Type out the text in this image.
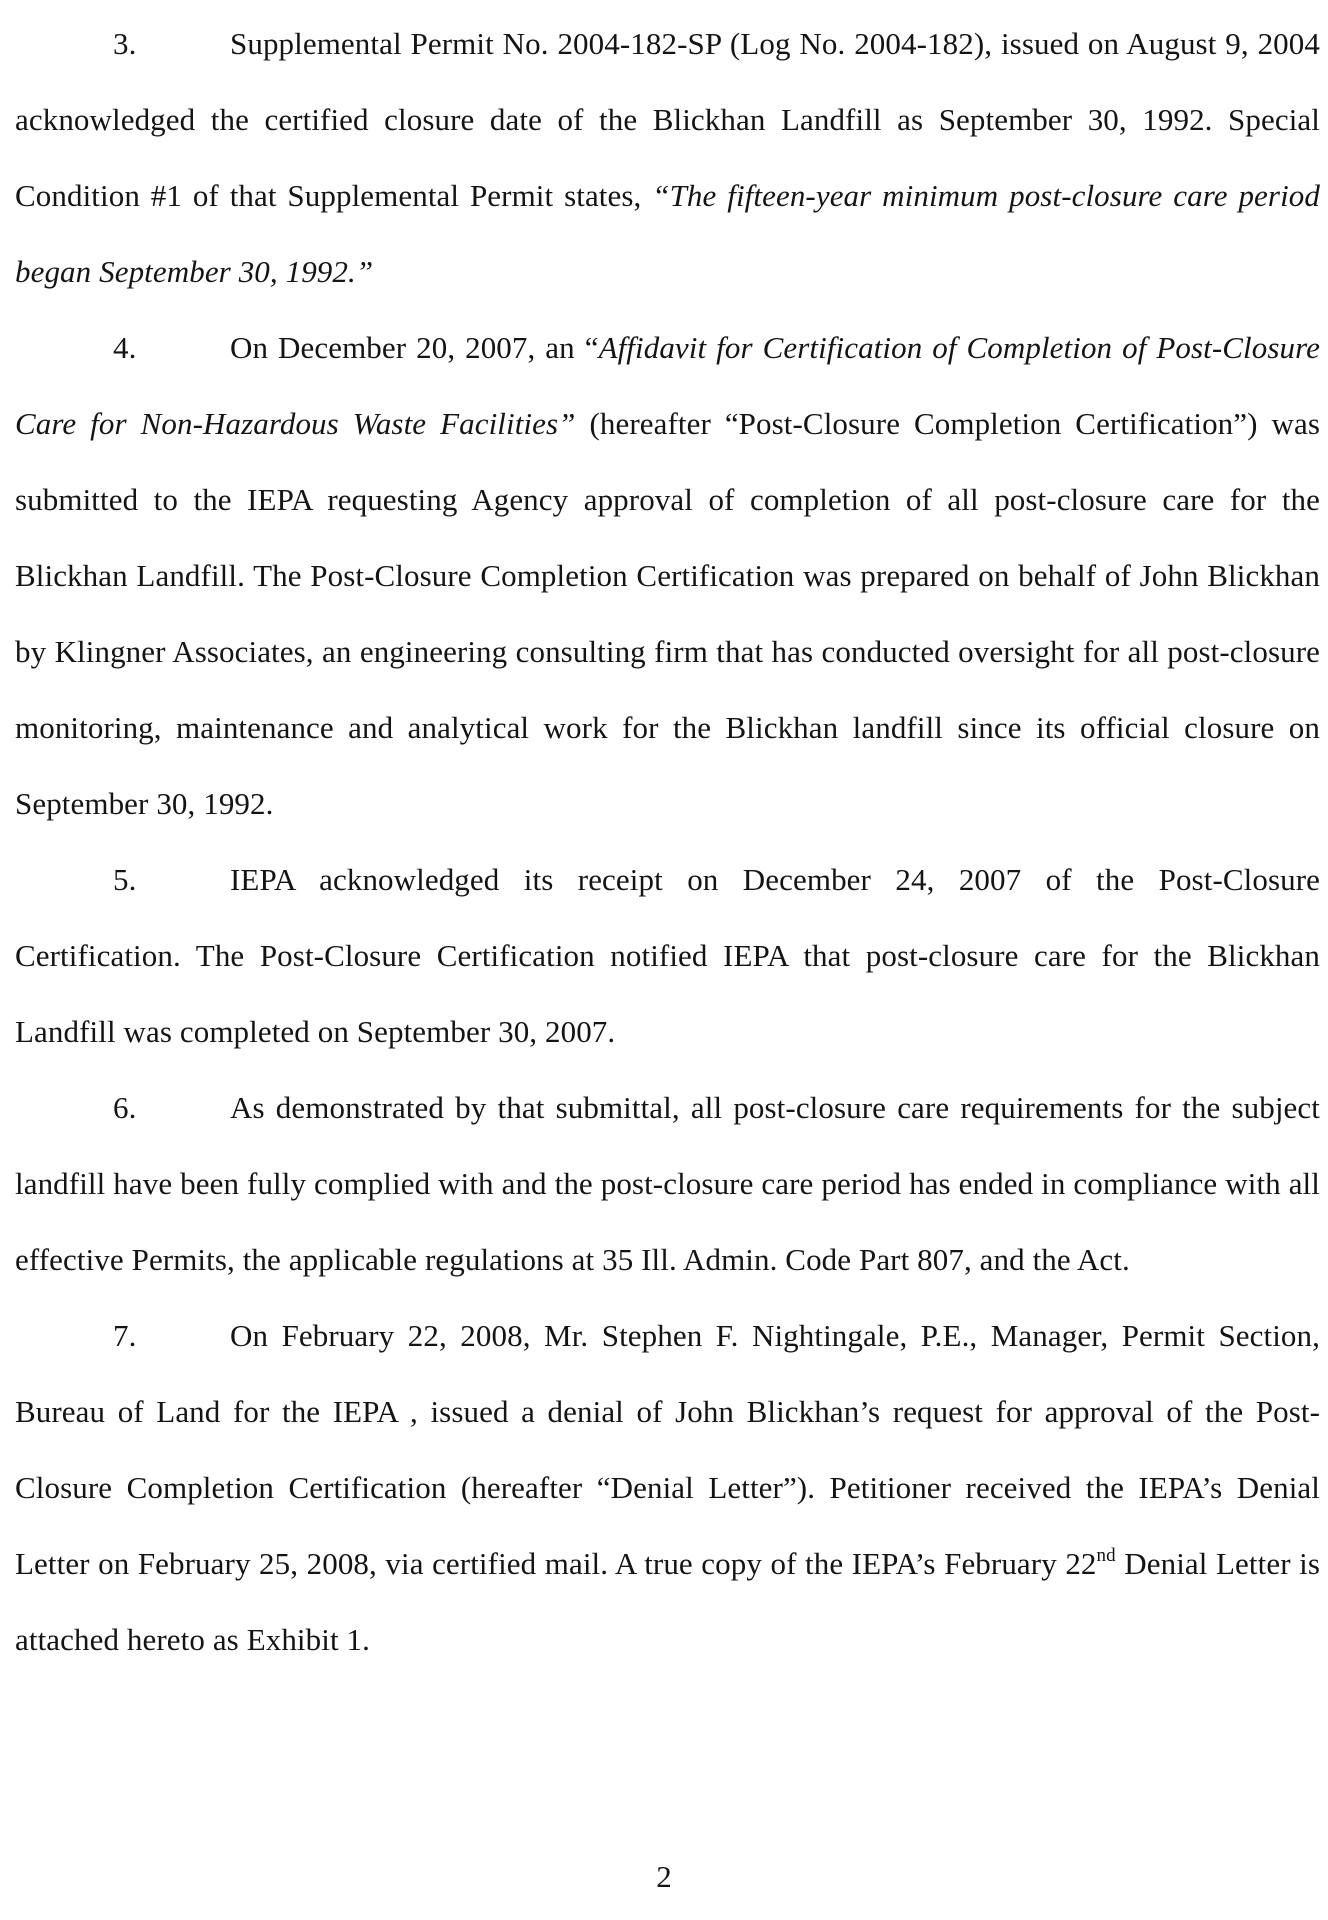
3.	Supplemental Permit No. 2004-182-SP (Log No. 2004-182), issued on August 9, 2004 acknowledged the certified closure date of the Blickhan Landfill as September 30, 1992. Special Condition #1 of that Supplemental Permit states, “The fifteen-year minimum post-closure care period began September 30, 1992.”

4.	On December 20, 2007, an “Affidavit for Certification of Completion of Post-Closure Care for Non-Hazardous Waste Facilities” (hereafter “Post-Closure Completion Certification”) was submitted to the IEPA requesting Agency approval of completion of all post-closure care for the Blickhan Landfill. The Post-Closure Completion Certification was prepared on behalf of John Blickhan by Klingner Associates, an engineering consulting firm that has conducted oversight for all post-closure monitoring, maintenance and analytical work for the Blickhan landfill since its official closure on September 30, 1992.

5.	IEPA acknowledged its receipt on December 24, 2007 of the Post-Closure Certification. The Post-Closure Certification notified IEPA that post-closure care for the Blickhan Landfill was completed on September 30, 2007.

6.	As demonstrated by that submittal, all post-closure care requirements for the subject landfill have been fully complied with and the post-closure care period has ended in compliance with all effective Permits, the applicable regulations at 35 Ill. Admin. Code Part 807, and the Act.

7.	On February 22, 2008, Mr. Stephen F. Nightingale, P.E., Manager, Permit Section, Bureau of Land for the IEPA , issued a denial of John Blickhan’s request for approval of the Post-Closure Completion Certification (hereafter “Denial Letter”). Petitioner received the IEPA’s Denial Letter on February 25, 2008, via certified mail. A true copy of the IEPA’s February 22nd Denial Letter is attached hereto as Exhibit 1.

2
